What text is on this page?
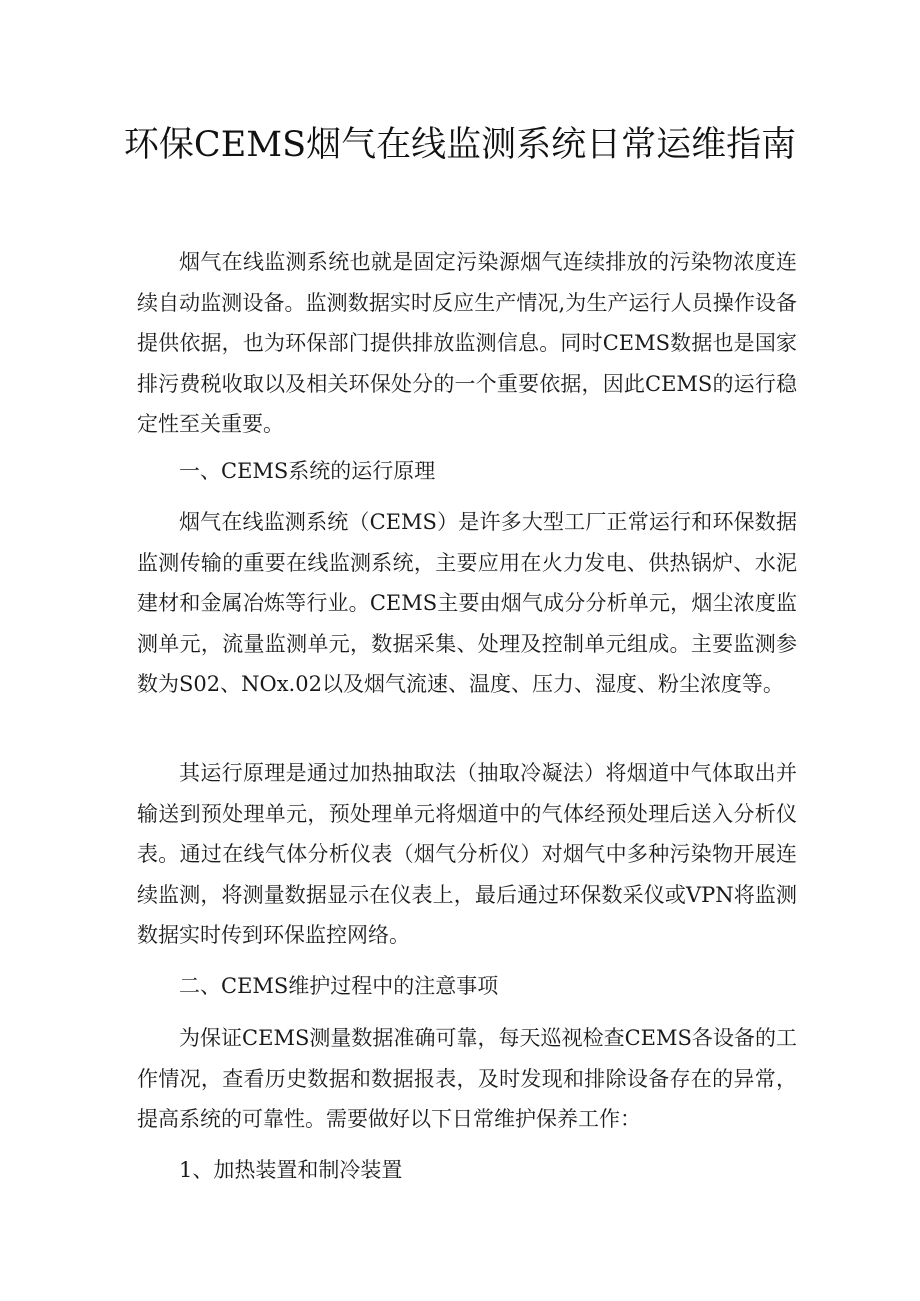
环保CEMS烟气在线监测系统日常运维指南

烟气在线监测系统也就是固定污染源烟气连续排放的污染物浓度连续自动监测设备。监测数据实时反应生产情况,为生产运行人员操作设备提供依据，也为环保部门提供排放监测信息。同时CEMS数据也是国家排污费税收取以及相关环保处分的一个重要依据，因此CEMS的运行稳定性至关重要。

一、CEMS系统的运行原理

烟气在线监测系统（CEMS）是许多大型工厂正常运行和环保数据监测传输的重要在线监测系统，主要应用在火力发电、供热锅炉、水泥建材和金属冶炼等行业。CEMS主要由烟气成分分析单元，烟尘浓度监测单元，流量监测单元，数据采集、处理及控制单元组成。主要监测参数为S02、NOx.02以及烟气流速、温度、压力、湿度、粉尘浓度等。

其运行原理是通过加热抽取法（抽取冷凝法）将烟道中气体取出并输送到预处理单元，预处理单元将烟道中的气体经预处理后送入分析仪表。通过在线气体分析仪表（烟气分析仪）对烟气中多种污染物开展连续监测，将测量数据显示在仪表上，最后通过环保数采仪或VPN将监测数据实时传到环保监控网络。

二、CEMS维护过程中的注意事项

为保证CEMS测量数据准确可靠，每天巡视检查CEMS各设备的工作情况，查看历史数据和数据报表，及时发现和排除设备存在的异常，提高系统的可靠性。需要做好以下日常维护保养工作：

1、加热装置和制冷装置
